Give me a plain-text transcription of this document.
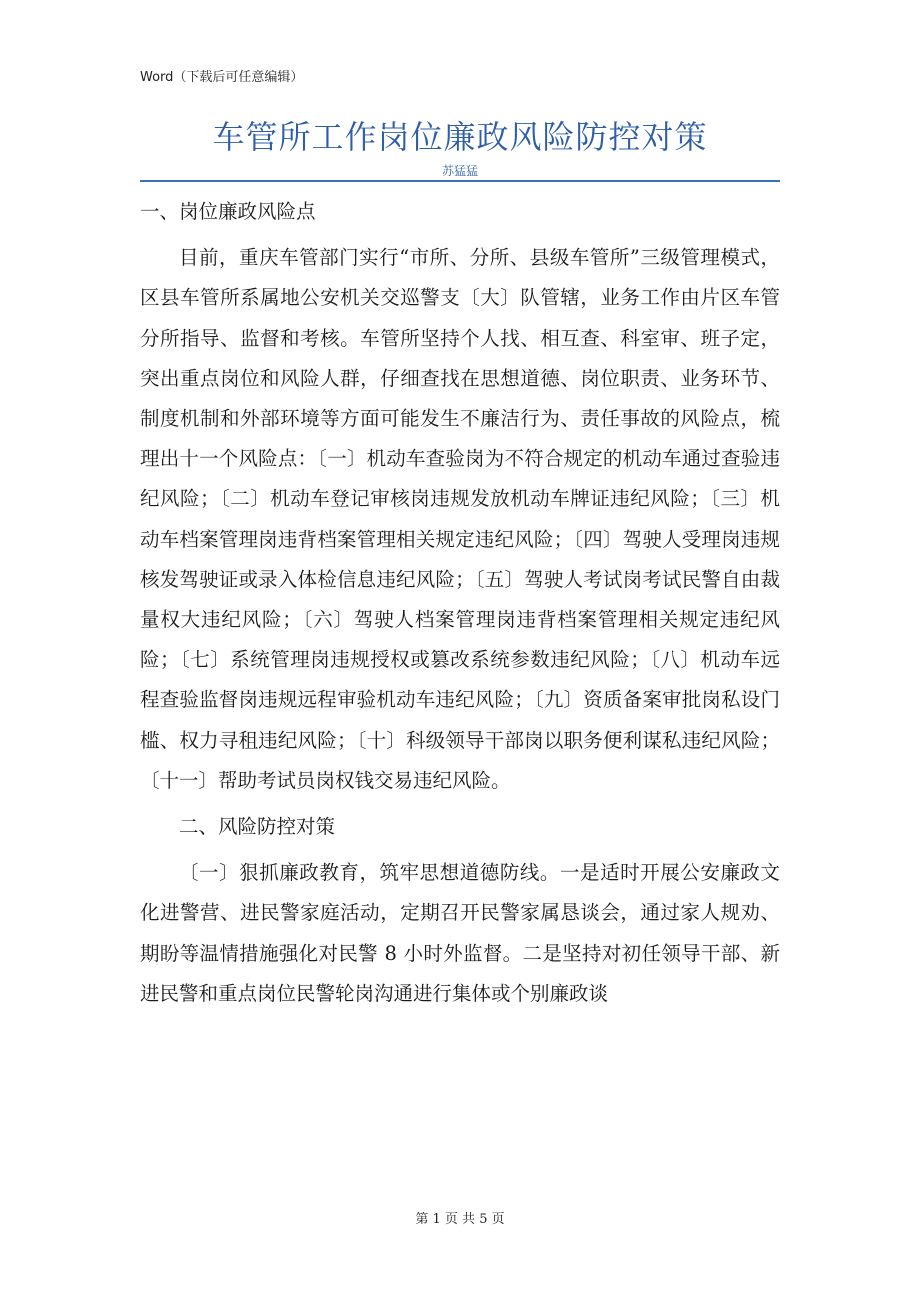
Word（下载后可任意编辑）
车管所工作岗位廉政风险防控对策
苏猛猛

一、岗位廉政风险点

目前，重庆车管部门实行“市所、分所、县级车管所”三级管理模式，区县车管所系属地公安机关交巡警支〔大〕队管辖，业务工作由片区车管分所指导、监督和考核。车管所坚持个人找、相互查、科室审、班子定，突出重点岗位和风险人群，仔细查找在思想道德、岗位职责、业务环节、制度机制和外部环境等方面可能发生不廉洁行为、责任事故的风险点，梳理出十一个风险点：〔一〕机动车查验岗为不符合规定的机动车通过查验违纪风险；〔二〕机动车登记审核岗违规发放机动车牌证违纪风险；〔三〕机动车档案管理岗违背档案管理相关规定违纪风险；〔四〕驾驶人受理岗违规核发驾驶证或录入体检信息违纪风险；〔五〕驾驶人考试岗考试民警自由裁量权大违纪风险；〔六〕驾驶人档案管理岗违背档案管理相关规定违纪风险；〔七〕系统管理岗违规授权或篡改系统参数违纪风险；〔八〕机动车远程查验监督岗违规远程审验机动车违纪风险；〔九〕资质备案审批岗私设门槛、权力寻租违纪风险；〔十〕科级领导干部岗以职务便利谋私违纪风险；〔十一〕帮助考试员岗权钱交易违纪风险。

二、风险防控对策

〔一〕狠抓廉政教育，筑牢思想道德防线。一是适时开展公安廉政文化进警营、进民警家庭活动，定期召开民警家属恳谈会，通过家人规劝、期盼等温情措施强化对民警 8 小时外监督。二是坚持对初任领导干部、新进民警和重点岗位民警轮岗沟通进行集体或个别廉政谈

第 1 页 共 5 页
